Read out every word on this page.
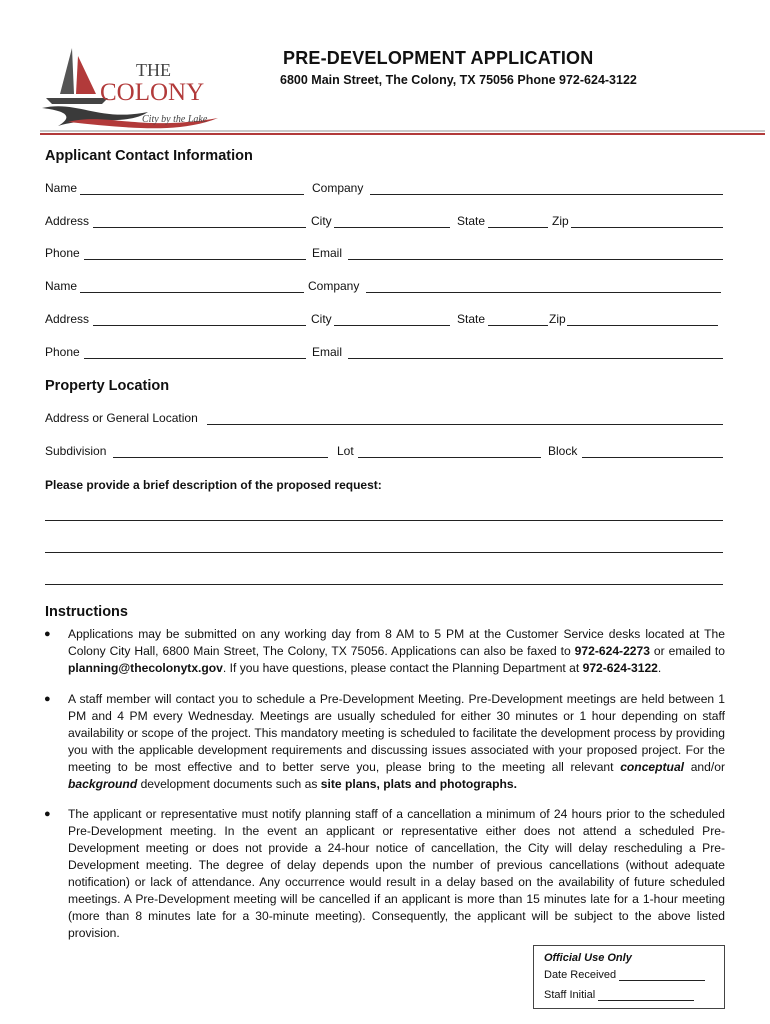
THE
COLONY
City by the Lake
PRE-DEVELOPMENT APPLICATION
6800 Main Street, The Colony, TX 75056 Phone 972-624-3122
Applicant Contact Information
Name	Company
Address	City	State	Zip
Phone	Email
Name	Company
Address	City	State	Zip
Phone	Email
Property Location
Address or General Location
Subdivision	Lot	Block
Please provide a brief description of the proposed request:
Instructions
● Applications may be submitted on any working day from 8 AM to 5 PM at the Customer Service desks located at The Colony City Hall, 6800 Main Street, The Colony, TX 75056. Applications can also be faxed to 972-624-2273 or emailed to planning@thecolonytx.gov. If you have questions, please contact the Planning Department at 972-624-3122.
● A staff member will contact you to schedule a Pre-Development Meeting. Pre-Development meetings are held between 1 PM and 4 PM every Wednesday. Meetings are usually scheduled for either 30 minutes or 1 hour depending on staff availability or scope of the project. This mandatory meeting is scheduled to facilitate the development process by providing you with the applicable development requirements and discussing issues associated with your proposed project. For the meeting to be most effective and to better serve you, please bring to the meeting all relevant conceptual and/or background development documents such as site plans, plats and photographs.
● The applicant or representative must notify planning staff of a cancellation a minimum of 24 hours prior to the scheduled Pre-Development meeting. In the event an applicant or representative either does not attend a scheduled Pre-Development meeting or does not provide a 24-hour notice of cancellation, the City will delay rescheduling a Pre-Development meeting. The degree of delay depends upon the number of previous cancellations (without adequate notification) or lack of attendance. Any occurrence would result in a delay based on the availability of future scheduled meetings. A Pre-Development meeting will be cancelled if an applicant is more than 15 minutes late for a 1-hour meeting (more than 8 minutes late for a 30-minute meeting). Consequently, the applicant will be subject to the above listed provision.
Official Use Only
Date Received
Staff Initial
